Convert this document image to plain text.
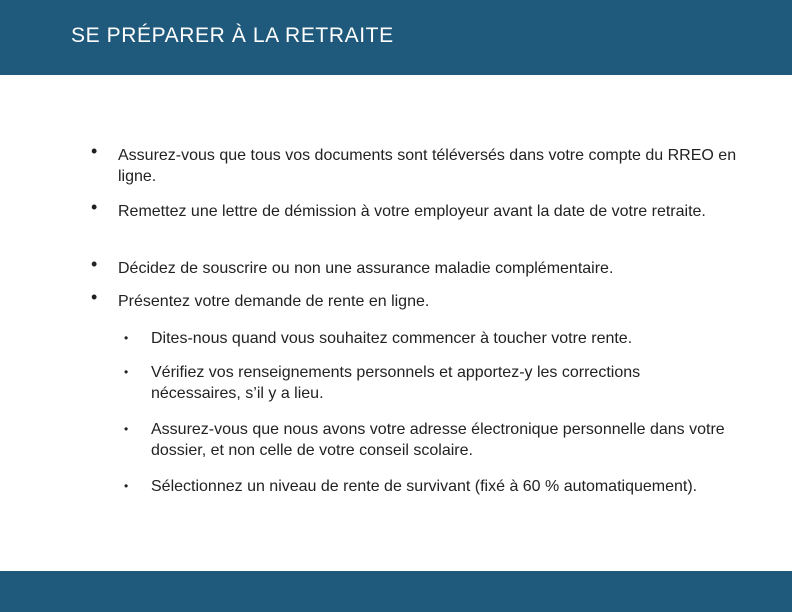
SE PRÉPARER À LA RETRAITE
• Assurez-vous que tous vos documents sont téléversés dans votre compte du RREO en ligne.
• Remettez une lettre de démission à votre employeur avant la date de votre retraite.
• Décidez de souscrire ou non une assurance maladie complémentaire.
• Présentez votre demande de rente en ligne.
• Dites-nous quand vous souhaitez commencer à toucher votre rente.
• Vérifiez vos renseignements personnels et apportez-y les corrections nécessaires, s’il y a lieu.
• Assurez-vous que nous avons votre adresse électronique personnelle dans votre dossier, et non celle de votre conseil scolaire.
• Sélectionnez un niveau de rente de survivant (fixé à 60 % automatiquement).
